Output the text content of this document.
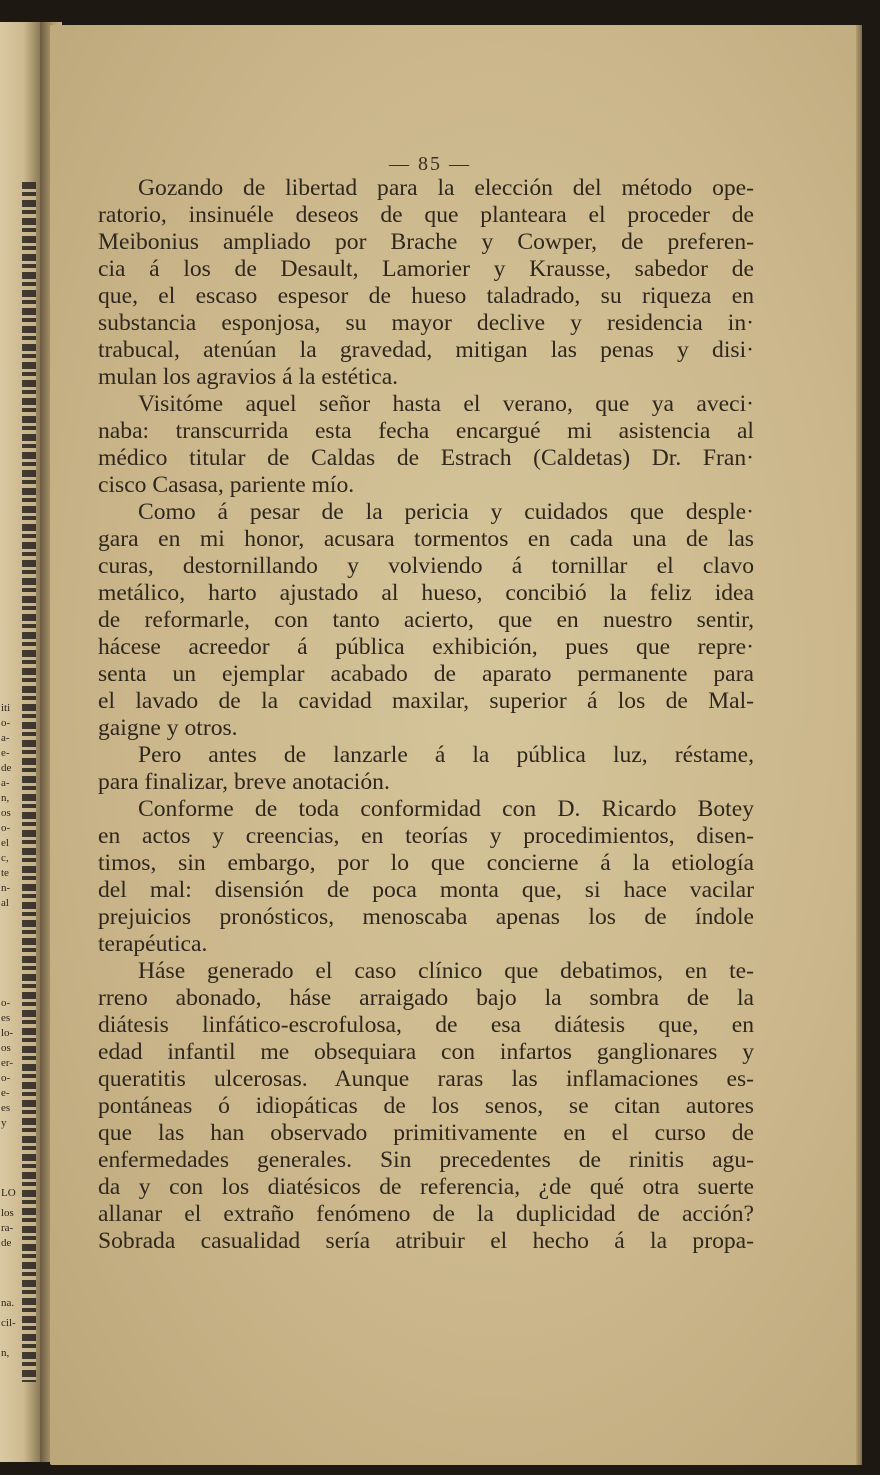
iti
o-
a-
e-
de
a-
n,
os
o-
el
c,
te
n-
al
o-
es
lo-
os
er-
o-
e-
es
y
LO
los
ra-
de
na.
cil-
n,
— 85 —
Gozando de libertad para la elección del método ope-
ratorio, insinuéle deseos de que planteara el proceder de
Meibonius ampliado por Brache y Cowper, de preferen-
cia á los de Desault, Lamorier y Krausse, sabedor de
que, el escaso espesor de hueso taladrado, su riqueza en
substancia esponjosa, su mayor declive y residencia in·
trabucal, atenúan la gravedad, mitigan las penas y disi·
mulan los agravios á la estética.
Visitóme aquel señor hasta el verano, que ya aveci·
naba: transcurrida esta fecha encargué mi asistencia al
médico titular de Caldas de Estrach (Caldetas) Dr. Fran·
cisco Casasa, pariente mío.
Como á pesar de la pericia y cuidados que desple·
gara en mi honor, acusara tormentos en cada una de las
curas, destornillando y volviendo á tornillar el clavo
metálico, harto ajustado al hueso, concibió la feliz idea
de reformarle, con tanto acierto, que en nuestro sentir,
hácese acreedor á pública exhibición, pues que repre·
senta un ejemplar acabado de aparato permanente para
el lavado de la cavidad maxilar, superior á los de Mal-
gaigne y otros.
Pero antes de lanzarle á la pública luz, réstame,
para finalizar, breve anotación.
Conforme de toda conformidad con D. Ricardo Botey
en actos y creencias, en teorías y procedimientos, disen-
timos, sin embargo, por lo que concierne á la etiología
del mal: disensión de poca monta que, si hace vacilar
prejuicios pronósticos, menoscaba apenas los de índole
terapéutica.
Háse generado el caso clínico que debatimos, en te-
rreno abonado, háse arraigado bajo la sombra de la
diátesis linfático-escrofulosa, de esa diátesis que, en
edad infantil me obsequiara con infartos ganglionares y
queratitis ulcerosas. Aunque raras las inflamaciones es-
pontáneas ó idiopáticas de los senos, se citan autores
que las han observado primitivamente en el curso de
enfermedades generales. Sin precedentes de rinitis agu-
da y con los diatésicos de referencia, ¿de qué otra suerte
allanar el extraño fenómeno de la duplicidad de acción?
Sobrada casualidad sería atribuir el hecho á la propa-
